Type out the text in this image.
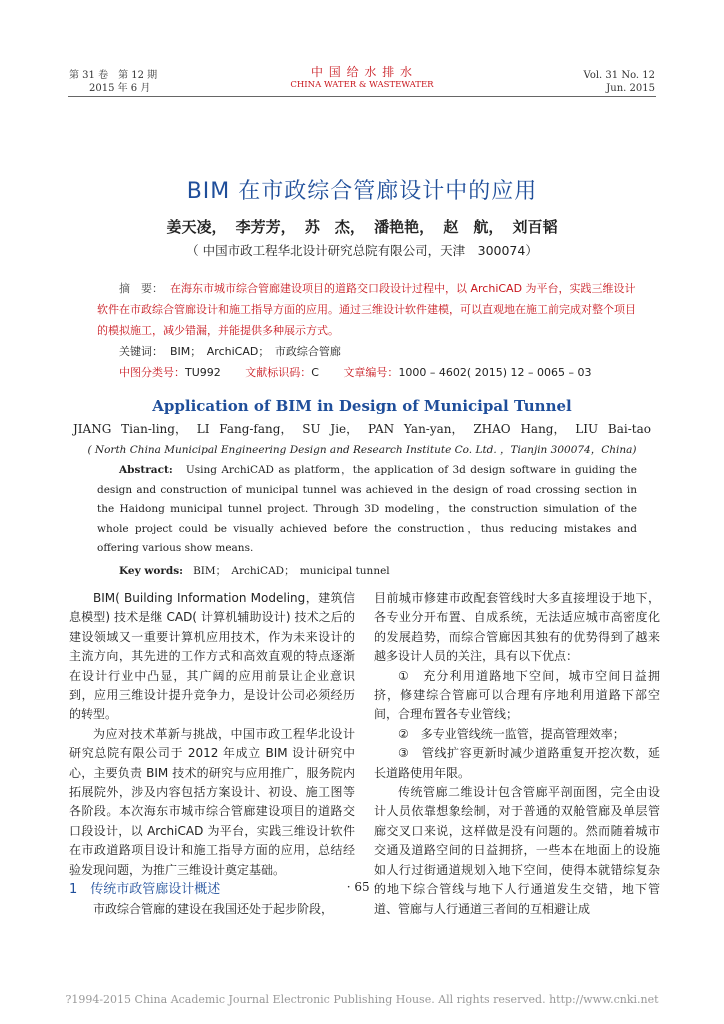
第 31 卷　第 12 期
2015 年 6 月
中 国 给 水 排 水
CHINA WATER & WASTEWATER
Vol. 31 No. 12
Jun. 2015
BIM 在市政综合管廊设计中的应用
姜天凌， 李芳芳， 苏　杰， 潘艳艳， 赵　航， 刘百韬
（ 中国市政工程华北设计研究总院有限公司，天津　300074）
摘　要： 在海东市城市综合管廊建设项目的道路交口段设计过程中，以 ArchiCAD 为平台，实践三维设计软件在市政综合管廊设计和施工指导方面的应用。通过三维设计软件建模，可以直观地在施工前完成对整个项目的模拟施工，减少错漏，并能提供多种展示方式。
关键词： BIM；　ArchiCAD；　市政综合管廊
中图分类号：TU992 文献标识码：C 文章编号：1000 – 4602( 2015) 12 – 0065 – 03
Application of BIM in Design of Municipal Tunnel
JIANG Tian-ling， LI Fang-fang， SU Jie， PAN Yan-yan， ZHAO Hang， LIU Bai-tao
( North China Municipal Engineering Design and Research Institute Co. Ltd. ，Tianjin 300074，China)
Abstract: Using ArchiCAD as platform，the application of 3d design software in guiding the design and construction of municipal tunnel was achieved in the design of road crossing section in the Haidong municipal tunnel project. Through 3D modeling，the construction simulation of the whole project could be visually achieved before the construction，thus reducing mistakes and offering various show means.
Key words: BIM；　ArchiCAD；　municipal tunnel

BIM( Building Information Modeling，建筑信息模型) 技术是继 CAD( 计算机辅助设计) 技术之后的建设领域又一重要计算机应用技术，作为未来设计的主流方向，其先进的工作方式和高效直观的特点逐渐在设计行业中凸显，其广阔的应用前景让企业意识到，应用三维设计提升竞争力，是设计公司必须经历的转型。

为应对技术革新与挑战，中国市政工程华北设计研究总院有限公司于 2012 年成立 BIM 设计研究中心，主要负责 BIM 技术的研究与应用推广，服务院内拓展院外，涉及内容包括方案设计、初设、施工图等各阶段。本次海东市城市综合管廊建设项目的道路交口段设计，以 ArchiCAD 为平台，实践三维设计软件在市政道路项目设计和施工指导方面的应用，总结经验发现问题，为推广三维设计奠定基础。

1　传统市政管廊设计概述

市政综合管廊的建设在我国还处于起步阶段，

目前城市修建市政配套管线时大多直接埋设于地下，各专业分开布置、自成系统，无法适应城市高密度化的发展趋势，而综合管廊因其独有的优势得到了越来越多设计人员的关注，具有以下优点：

①　充分利用道路地下空间，城市空间日益拥挤，修建综合管廊可以合理有序地利用道路下部空间，合理布置各专业管线；

②　多专业管线统一监管，提高管理效率；

③　管线扩容更新时减少道路重复开挖次数，延长道路使用年限。

传统管廊二维设计包含管廊平剖面图，完全由设计人员依靠想象绘制，对于普通的双舱管廊及单层管廊交叉口来说，这样做是没有问题的。然而随着城市交通及道路空间的日益拥挤，一些本在地面上的设施如人行过街通道规划入地下空间，使得本就错综复杂的地下综合管线与地下人行通道发生交错，地下管道、管廊与人行通道三者间的互相避让成

· 65 ·
?1994-2015 China Academic Journal Electronic Publishing House. All rights reserved. http://www.cnki.net
